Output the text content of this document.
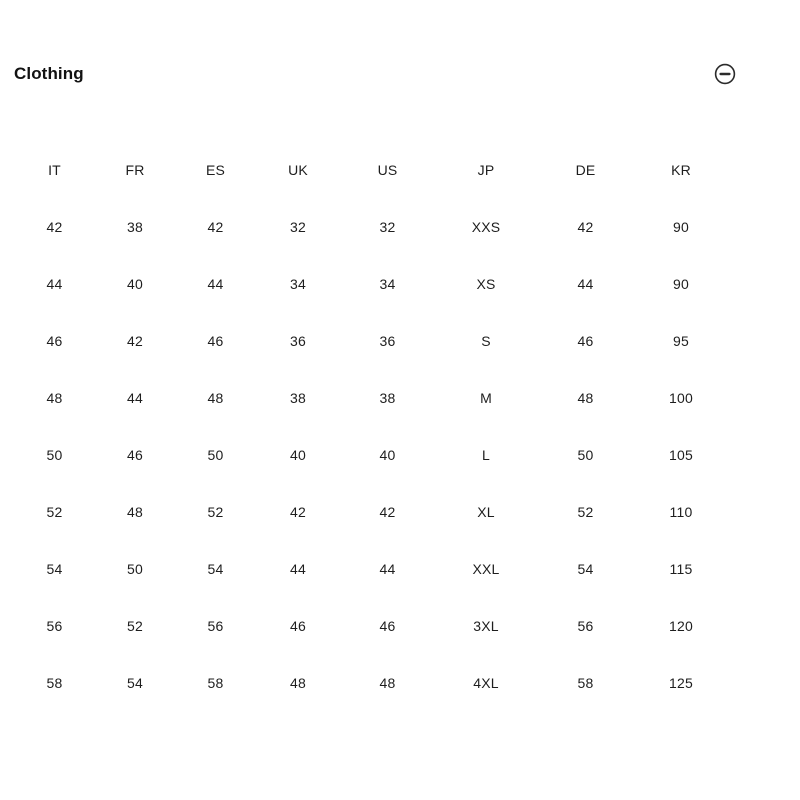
Clothing
IT	FR	ES	UK	US	JP	DE	KR
42	38	42	32	32	XXS	42	90
44	40	44	34	34	XS	44	90
46	42	46	36	36	S	46	95
48	44	48	38	38	M	48	100
50	46	50	40	40	L	50	105
52	48	52	42	42	XL	52	110
54	50	54	44	44	XXL	54	115
56	52	56	46	46	3XL	56	120
58	54	58	48	48	4XL	58	125
